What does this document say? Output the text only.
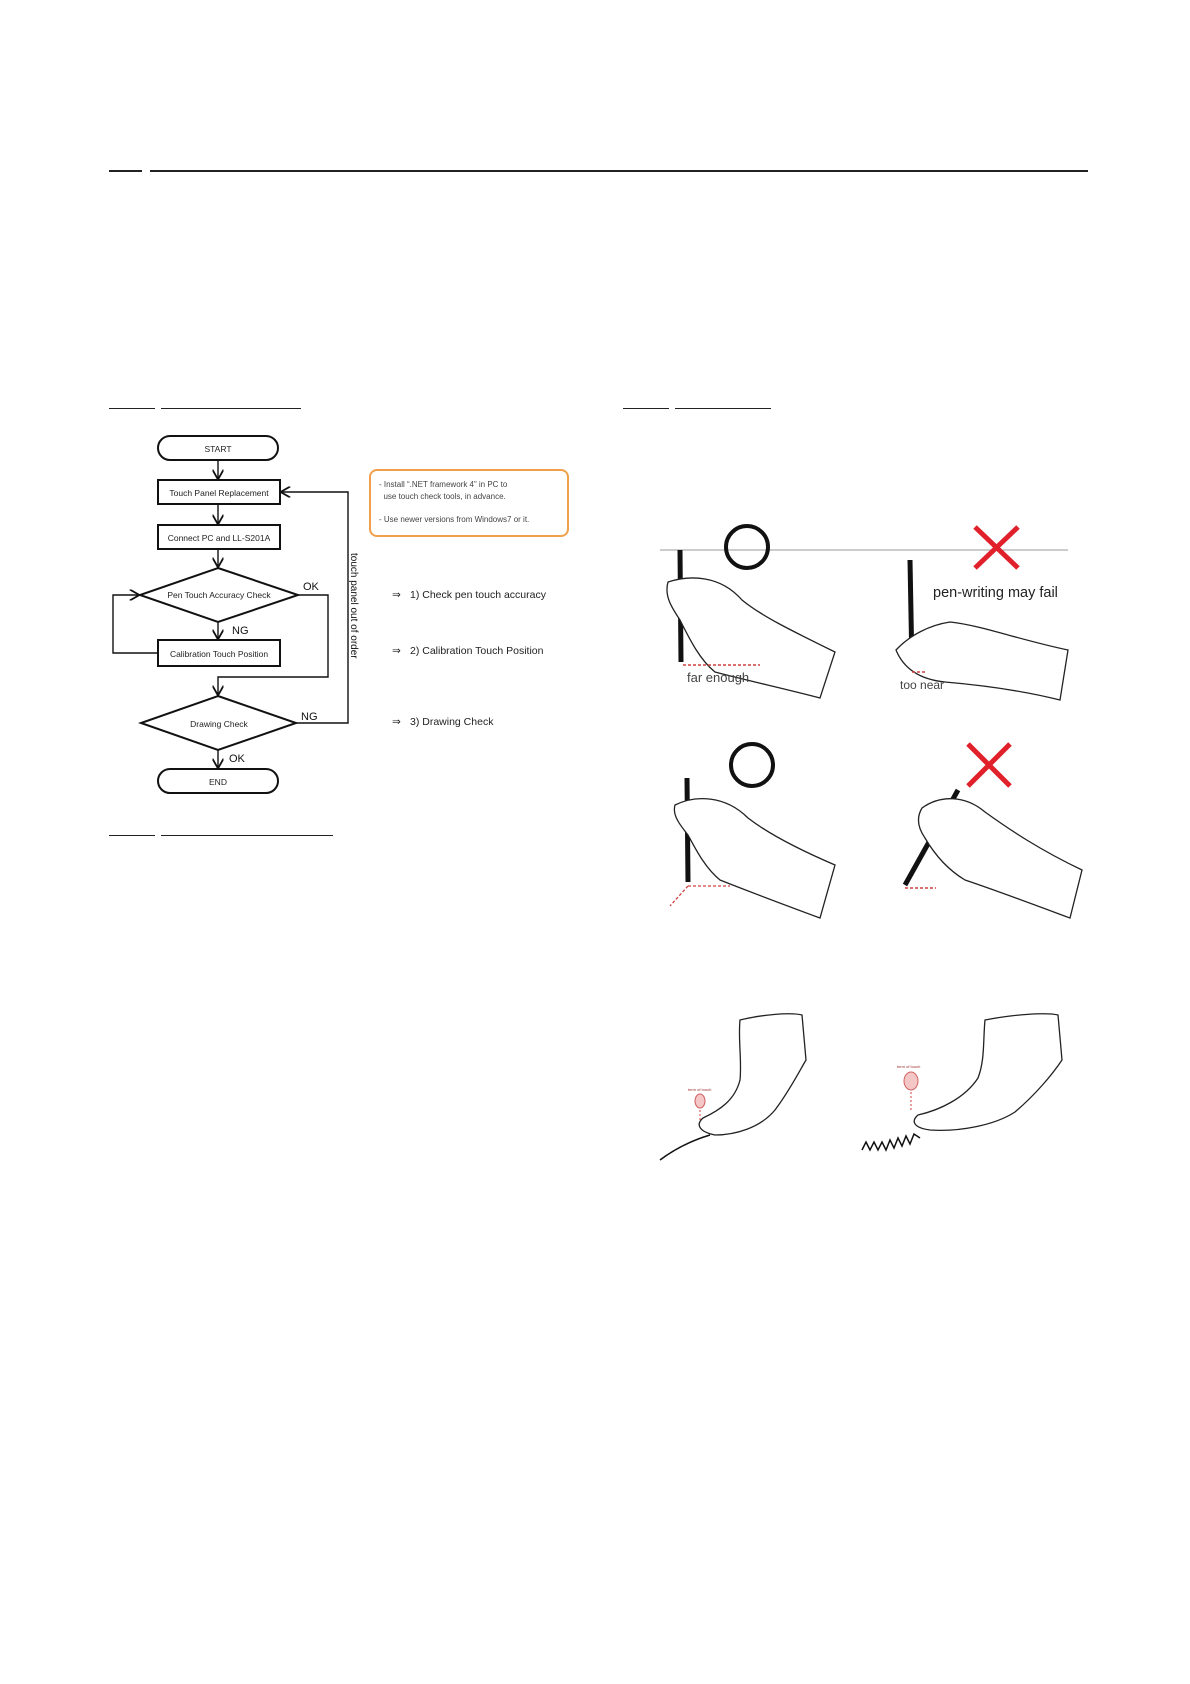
START
Touch Panel Replacement
Connect PC and LL-S201A
Pen Touch Accuracy Check
Calibration Touch Position
Drawing Check
END
OK
NG
NG
OK
touch panel out of order
- Install “.NET framework 4” in PC to
use touch check tools, in advance.
- Use newer versions from Windows7 or it.
⇒ 1) Check pen touch accuracy
⇒ 2) Calibration Touch Position
⇒ 3) Drawing Check
far enough
pen-writing may fail
too near
term of touch
term of touch
